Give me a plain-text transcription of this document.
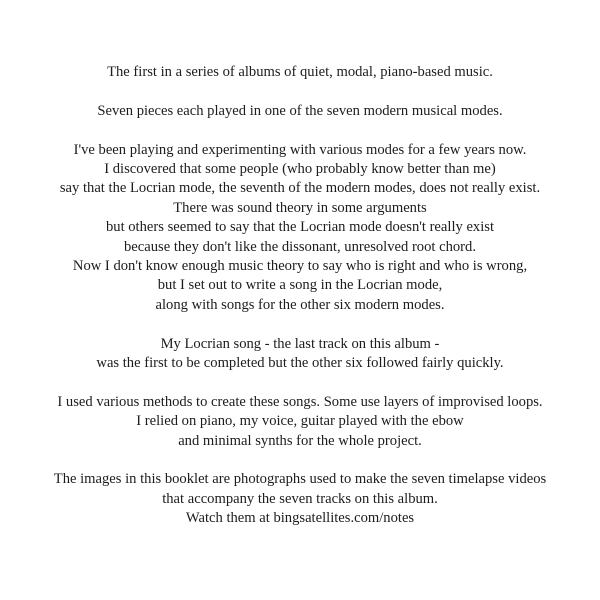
The first in a series of albums of quiet, modal, piano-based music.
Seven pieces each played in one of the seven modern musical modes.
I've been playing and experimenting with various modes for a few years now.
I discovered that some people (who probably know better than me)
say that the Locrian mode, the seventh of the modern modes, does not really exist.
There was sound theory in some arguments
but others seemed to say that the Locrian mode doesn't really exist
because they don't like the dissonant, unresolved root chord.
Now I don't know enough music theory to say who is right and who is wrong,
but I set out to write a song in the Locrian mode,
along with songs for the other six modern modes.
My Locrian song - the last track on this album -
was the first to be completed but the other six followed fairly quickly.
I used various methods to create these songs. Some use layers of improvised loops.
I relied on piano, my voice, guitar played with the ebow
and minimal synths for the whole project.
The images in this booklet are photographs used to make the seven timelapse videos
that accompany the seven tracks on this album.
Watch them at bingsatellites.com/notes
